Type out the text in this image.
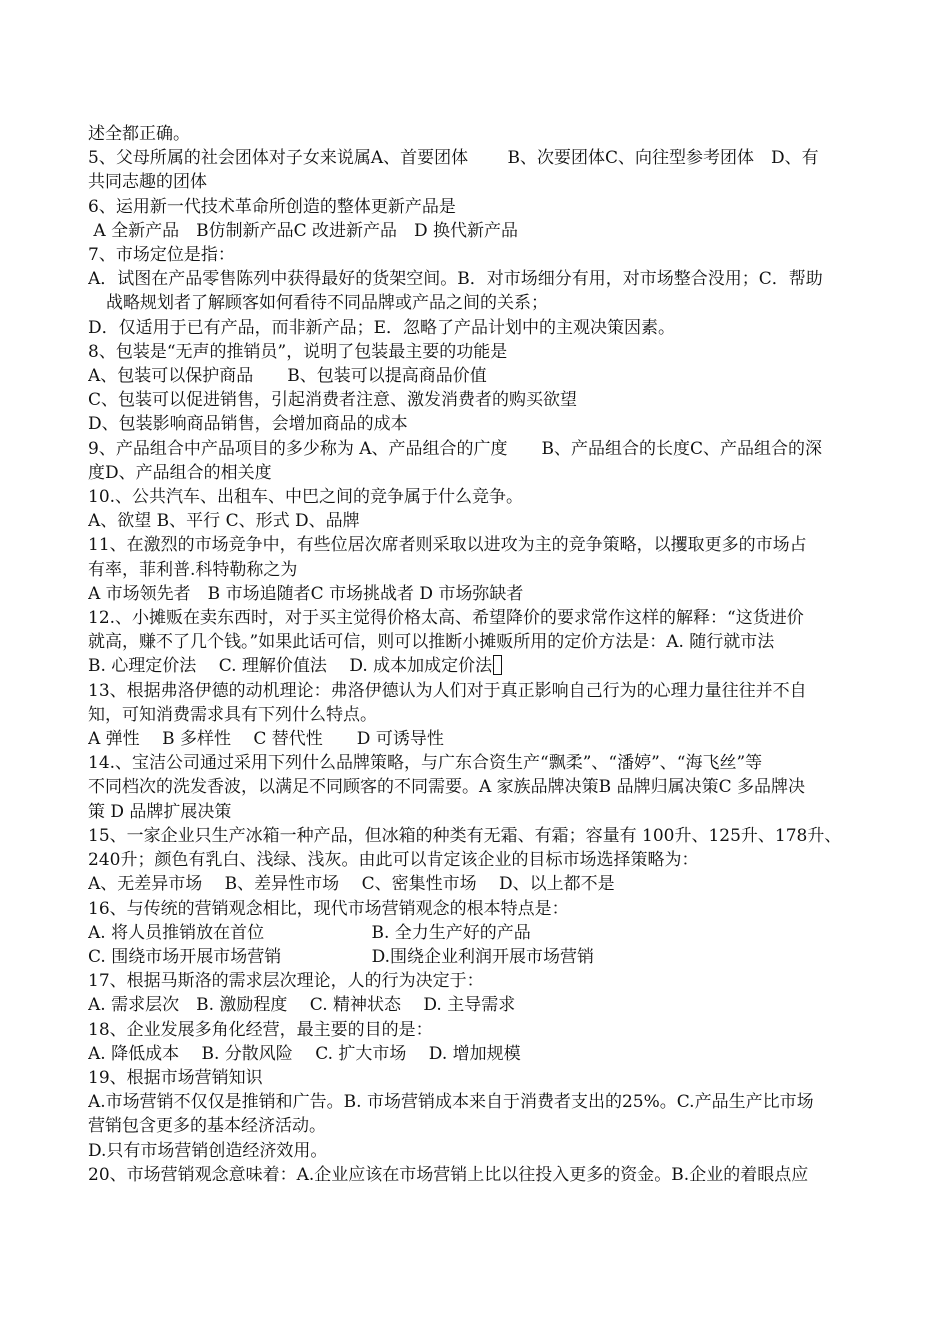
述全都正确。
5、父母所属的社会团体对子女来说属A、首要团体　　 B、次要团体C、向往型参考团体　D、有
共同志趣的团体
6、运用新一代技术革命所创造的整体更新产品是
A 全新产品　B仿制新产品C 改进新产品　D 换代新产品
7、市场定位是指：
A．试图在产品零售陈列中获得最好的货架空间。B．对市场细分有用，对市场整合没用；C．帮助
战略规划者了解顾客如何看待不同品牌或产品之间的关系；
D．仅适用于已有产品，而非新产品；E．忽略了产品计划中的主观决策因素。
8、包装是“无声的推销员”，说明了包装最主要的功能是
A、包装可以保护商品　　B、包装可以提高商品价值
C、包装可以促进销售，引起消费者注意、激发消费者的购买欲望
D、包装影响商品销售，会增加商品的成本
9、产品组合中产品项目的多少称为 A、产品组合的广度　　B、产品组合的长度C、产品组合的深
度D、产品组合的相关度
10.、公共汽车、出租车、中巴之间的竞争属于什么竞争。
A、欲望 B、平行 C、形式 D、品牌
11、在激烈的市场竞争中，有些位居次席者则采取以进攻为主的竞争策略，以攫取更多的市场占
有率，菲利普.科特勒称之为
A 市场领先者　B 市场追随者C 市场挑战者 D 市场弥缺者
12.、小摊贩在卖东西时，对于买主觉得价格太高、希望降价的要求常作这样的解释：“这货进价
就高，赚不了几个钱。”如果此话可信，则可以推断小摊贩所用的定价方法是：A. 随行就市法
B. 心理定价法　 C. 理解价值法　 D. 成本加成定价法
13、根据弗洛伊德的动机理论：弗洛伊德认为人们对于真正影响自己行为的心理力量往往并不自
知，可知消费需求具有下列什么特点。
A 弹性　 B 多样性　 C 替代性　　D 可诱导性
14.、宝洁公司通过采用下列什么品牌策略，与广东合资生产“飘柔”、“潘婷”、“海飞丝”等
不同档次的洗发香波，以满足不同顾客的不同需要。A 家族品牌决策B 品牌归属决策C 多品牌决
策 D 品牌扩展决策
15、一家企业只生产冰箱一种产品，但冰箱的种类有无霜、有霜；容量有 100升、125升、178升、
240升；颜色有乳白、浅绿、浅灰。由此可以肯定该企业的目标市场选择策略为：
A、无差异市场　 B、差异性市场　 C、密集性市场　 D、以上都不是
16、与传统的营销观念相比，现代市场营销观念的根本特点是：
A. 将人员推销放在首位　　　　　　 B. 全力生产好的产品
C. 围绕市场开展市场营销　　　　　 D.围绕企业利润开展市场营销
17、根据马斯洛的需求层次理论，人的行为决定于：
A. 需求层次　B. 激励程度　 C. 精神状态　 D. 主导需求
18、企业发展多角化经营，最主要的目的是：
A. 降低成本　 B. 分散风险　 C. 扩大市场　 D. 增加规模
19、根据市场营销知识
A.市场营销不仅仅是推销和广告。B. 市场营销成本来自于消费者支出的25%。C.产品生产比市场
营销包含更多的基本经济活动。
D.只有市场营销创造经济效用。
20、市场营销观念意味着：A.企业应该在市场营销上比以往投入更多的资金。B.企业的着眼点应
